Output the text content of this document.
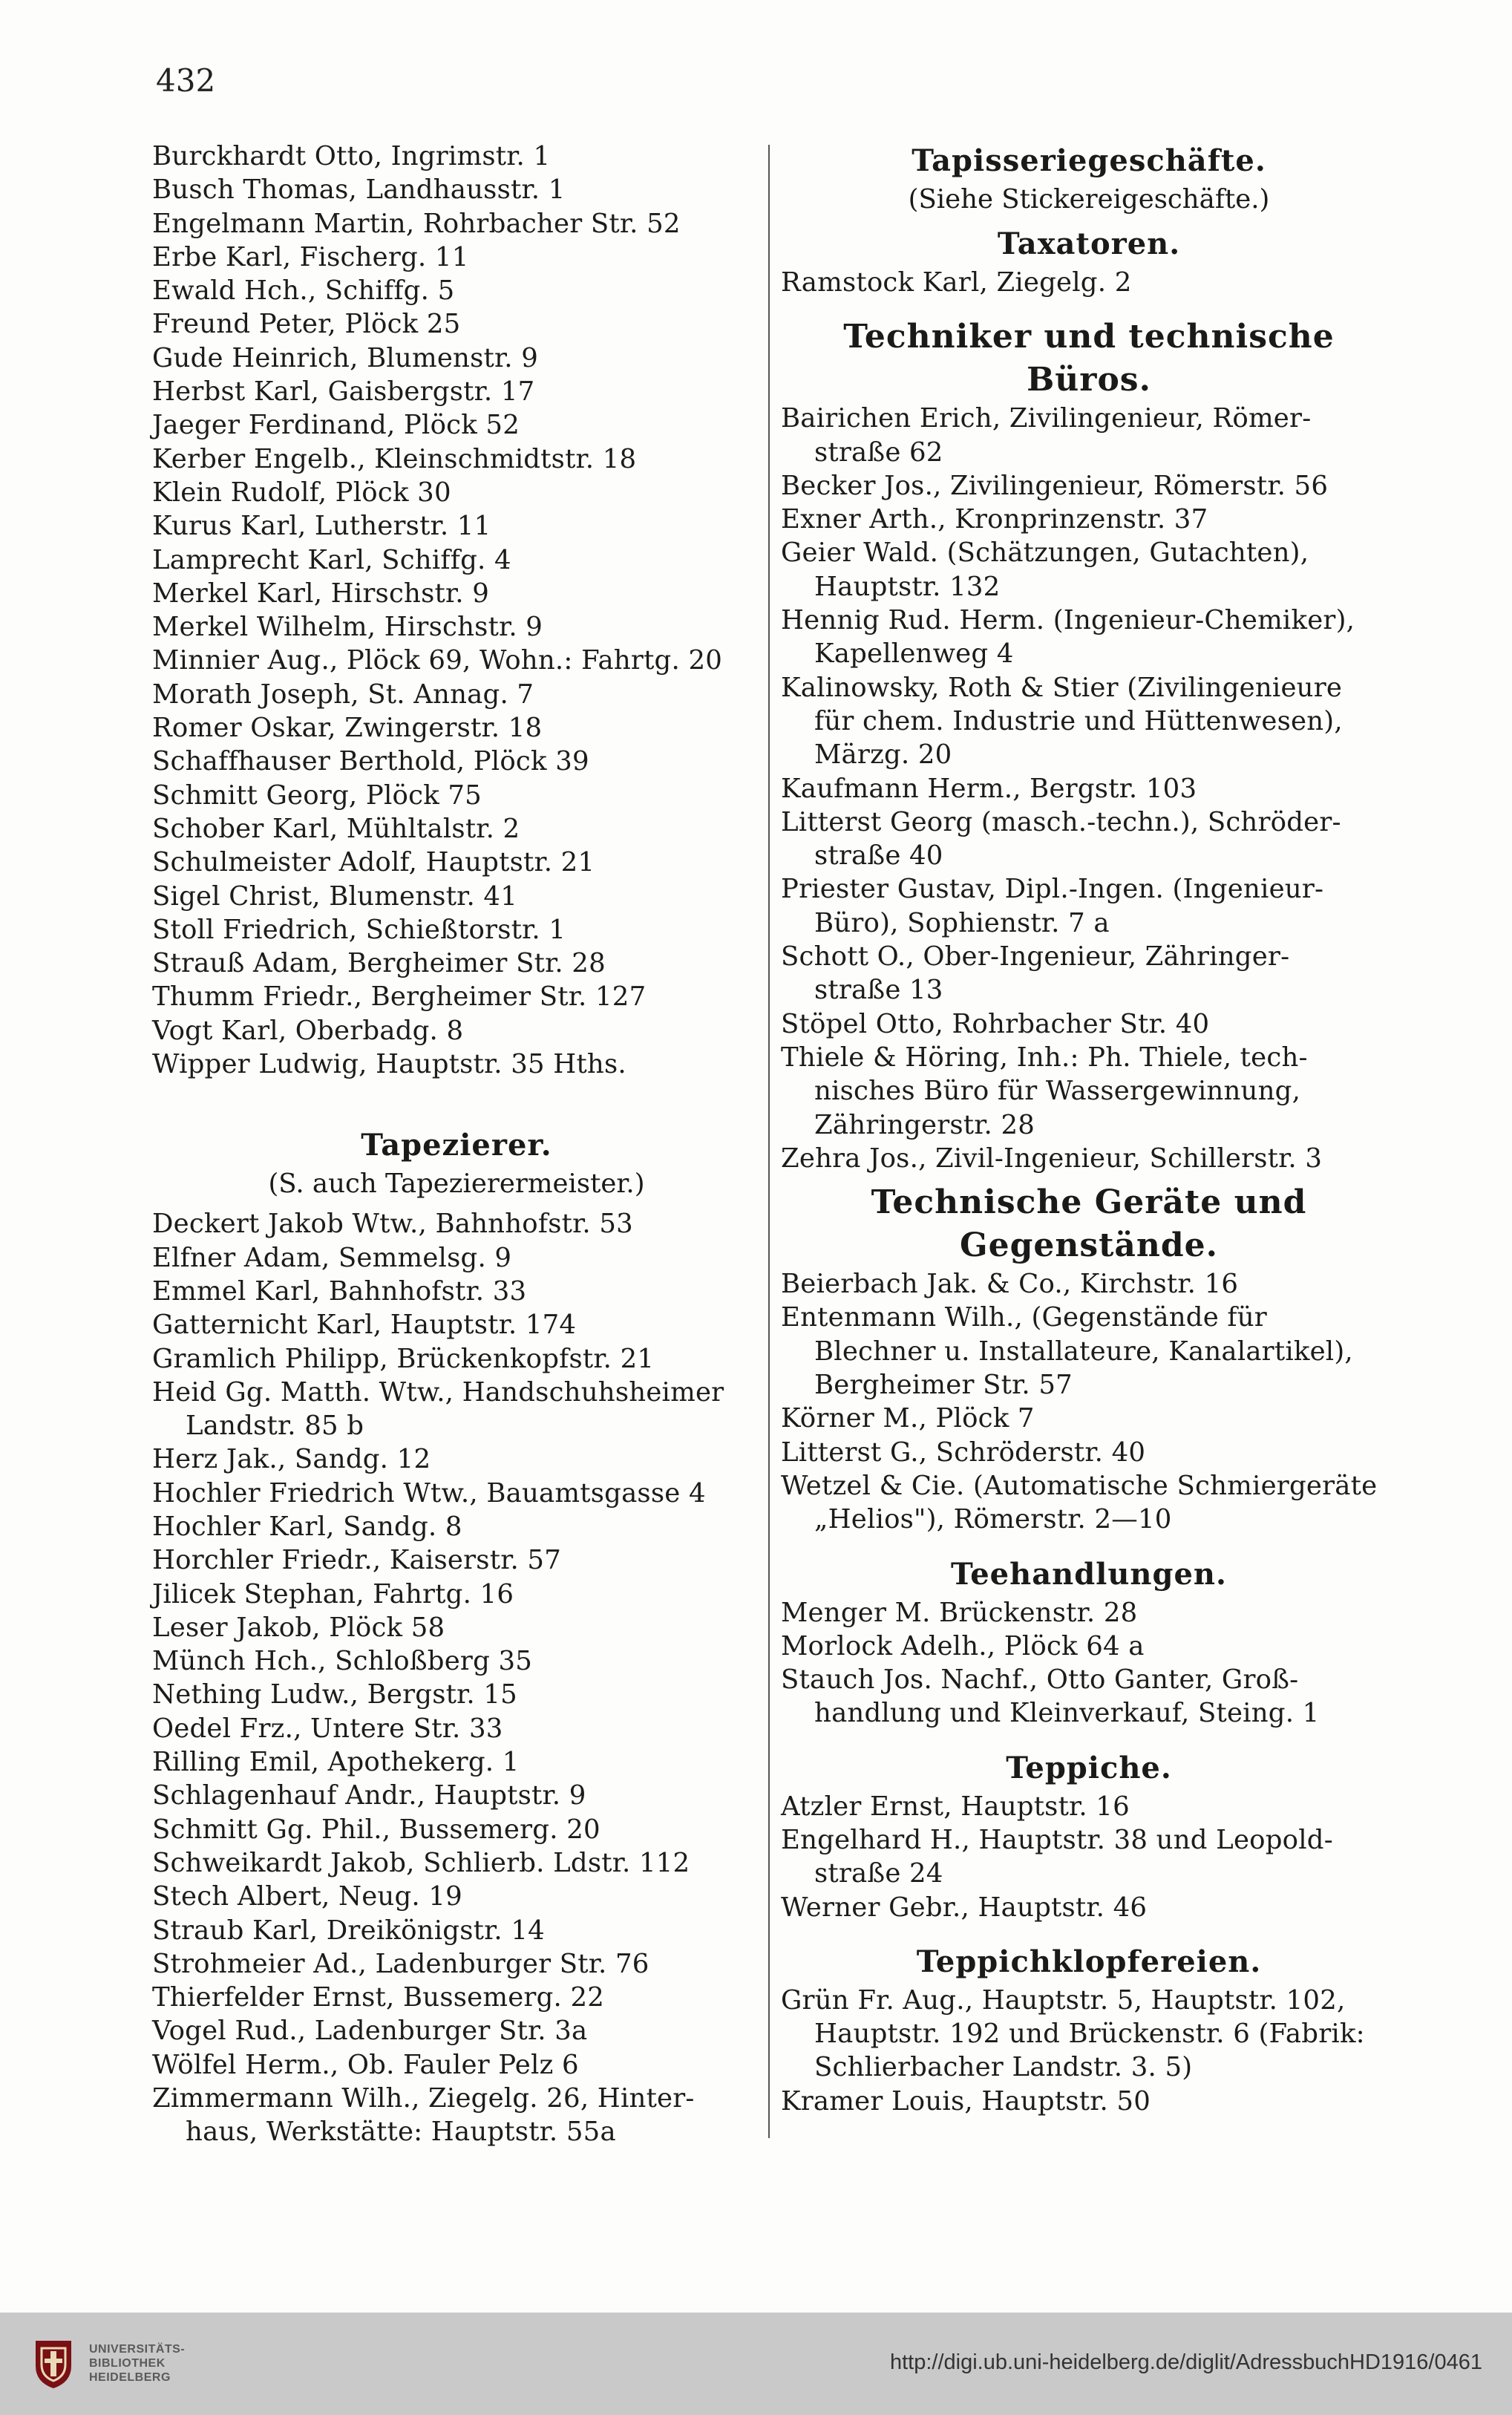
432
Burckhardt Otto, Ingrimstr. 1
Busch Thomas, Landhausstr. 1
Engelmann Martin, Rohrbacher Str. 52
Erbe Karl, Fischerg. 11
Ewald Hch., Schiffg. 5
Freund Peter, Plöck 25
Gude Heinrich, Blumenstr. 9
Herbst Karl, Gaisbergstr. 17
Jaeger Ferdinand, Plöck 52
Kerber Engelb., Kleinschmidtstr. 18
Klein Rudolf, Plöck 30
Kurus Karl, Lutherstr. 11
Lamprecht Karl, Schiffg. 4
Merkel Karl, Hirschstr. 9
Merkel Wilhelm, Hirschstr. 9
Minnier Aug., Plöck 69, Wohn.: Fahrtg. 20
Morath Joseph, St. Annag. 7
Romer Oskar, Zwingerstr. 18
Schaffhauser Berthold, Plöck 39
Schmitt Georg, Plöck 75
Schober Karl, Mühltalstr. 2
Schulmeister Adolf, Hauptstr. 21
Sigel Christ, Blumenstr. 41
Stoll Friedrich, Schießtorstr. 1
Strauß Adam, Bergheimer Str. 28
Thumm Friedr., Bergheimer Str. 127
Vogt Karl, Oberbadg. 8
Wipper Ludwig, Hauptstr. 35 Hths.
Tapezierer.
(S. auch Tapezierermeister.)
Deckert Jakob Wtw., Bahnhofstr. 53
Elfner Adam, Semmelsg. 9
Emmel Karl, Bahnhofstr. 33
Gatternicht Karl, Hauptstr. 174
Gramlich Philipp, Brückenkopfstr. 21
Heid Gg. Matth. Wtw., Handschuhsheimer
Landstr. 85 b
Herz Jak., Sandg. 12
Hochler Friedrich Wtw., Bauamtsgasse 4
Hochler Karl, Sandg. 8
Horchler Friedr., Kaiserstr. 57
Jilicek Stephan, Fahrtg. 16
Leser Jakob, Plöck 58
Münch Hch., Schloßberg 35
Nething Ludw., Bergstr. 15
Oedel Frz., Untere Str. 33
Rilling Emil, Apothekerg. 1
Schlagenhauf Andr., Hauptstr. 9
Schmitt Gg. Phil., Bussemerg. 20
Schweikardt Jakob, Schlierb. Ldstr. 112
Stech Albert, Neug. 19
Straub Karl, Dreikönigstr. 14
Strohmeier Ad., Ladenburger Str. 76
Thierfelder Ernst, Bussemerg. 22
Vogel Rud., Ladenburger Str. 3a
Wölfel Herm., Ob. Fauler Pelz 6
Zimmermann Wilh., Ziegelg. 26, Hinter-
haus, Werkstätte: Hauptstr. 55a
Tapisseriegeschäfte.
(Siehe Stickereigeschäfte.)
Taxatoren.
Ramstock Karl, Ziegelg. 2
Techniker und technische Büros.
Bairichen Erich, Zivilingenieur, Römer-
straße 62
Becker Jos., Zivilingenieur, Römerstr. 56
Exner Arth., Kronprinzenstr. 37
Geier Wald. (Schätzungen, Gutachten),
Hauptstr. 132
Hennig Rud. Herm. (Ingenieur-Chemiker),
Kapellenweg 4
Kalinowsky, Roth & Stier (Zivilingenieure
für chem. Industrie und Hüttenwesen),
Märzg. 20
Kaufmann Herm., Bergstr. 103
Litterst Georg (masch.-techn.), Schröder-
straße 40
Priester Gustav, Dipl.-Ingen. (Ingenieur-
Büro), Sophienstr. 7 a
Schott O., Ober-Ingenieur, Zähringer-
straße 13
Stöpel Otto, Rohrbacher Str. 40
Thiele & Höring, Inh.: Ph. Thiele, tech-
nisches Büro für Wassergewinnung,
Zähringerstr. 28
Zehra Jos., Zivil-Ingenieur, Schillerstr. 3
Technische Geräte und Gegenstände.
Beierbach Jak. & Co., Kirchstr. 16
Entenmann Wilh., (Gegenstände für
Blechner u. Installateure, Kanalartikel),
Bergheimer Str. 57
Körner M., Plöck 7
Litterst G., Schröderstr. 40
Wetzel & Cie. (Automatische Schmiergeräte
„Helios"), Römerstr. 2—10
Teehandlungen.
Menger M. Brückenstr. 28
Morlock Adelh., Plöck 64 a
Stauch Jos. Nachf., Otto Ganter, Groß-
handlung und Kleinverkauf, Steing. 1
Teppiche.
Atzler Ernst, Hauptstr. 16
Engelhard H., Hauptstr. 38 und Leopold-
straße 24
Werner Gebr., Hauptstr. 46
Teppichklopfereien.
Grün Fr. Aug., Hauptstr. 5, Hauptstr. 102,
Hauptstr. 192 und Brückenstr. 6 (Fabrik:
Schlierbacher Landstr. 3. 5)
Kramer Louis, Hauptstr. 50
UNIVERSITÄTS-
BIBLIOTHEK
HEIDELBERG
http://digi.ub.uni-heidelberg.de/diglit/AdressbuchHD1916/0461
